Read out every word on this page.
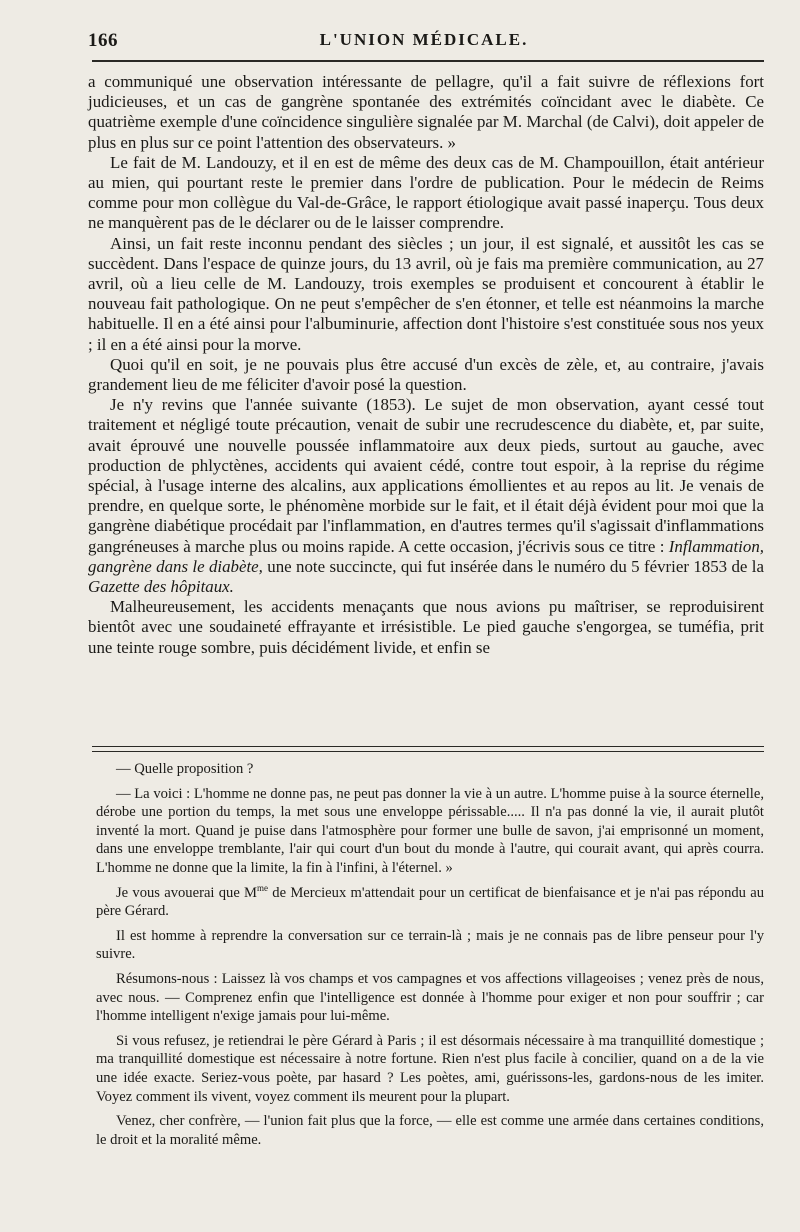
166	L'UNION MÉDICALE.

a communiqué une observation intéressante de pellagre, qu'il a fait suivre de réflexions fort judicieuses, et un cas de gangrène spontanée des extrémités coïncidant avec le diabète. Ce quatrième exemple d'une coïncidence singulière signalée par M. Marchal (de Calvi), doit appeler de plus en plus sur ce point l'attention des observateurs. »

Le fait de M. Landouzy, et il en est de même des deux cas de M. Champouillon, était antérieur au mien, qui pourtant reste le premier dans l'ordre de publication. Pour le médecin de Reims comme pour mon collègue du Val-de-Grâce, le rapport étiologique avait passé inaperçu. Tous deux ne manquèrent pas de le déclarer ou de le laisser comprendre.

Ainsi, un fait reste inconnu pendant des siècles ; un jour, il est signalé, et aussitôt les cas se succèdent. Dans l'espace de quinze jours, du 13 avril, où je fais ma première communication, au 27 avril, où a lieu celle de M. Landouzy, trois exemples se produisent et concourent à établir le nouveau fait pathologique. On ne peut s'empêcher de s'en étonner, et telle est néanmoins la marche habituelle. Il en a été ainsi pour l'albuminurie, affection dont l'histoire s'est constituée sous nos yeux ; il en a été ainsi pour la morve.

Quoi qu'il en soit, je ne pouvais plus être accusé d'un excès de zèle, et, au contraire, j'avais grandement lieu de me féliciter d'avoir posé la question.

Je n'y revins que l'année suivante (1853). Le sujet de mon observation, ayant cessé tout traitement et négligé toute précaution, venait de subir une recrudescence du diabète, et, par suite, avait éprouvé une nouvelle poussée inflammatoire aux deux pieds, surtout au gauche, avec production de phlyctènes, accidents qui avaient cédé, contre tout espoir, à la reprise du régime spécial, à l'usage interne des alcalins, aux applications émollientes et au repos au lit. Je venais de prendre, en quelque sorte, le phénomène morbide sur le fait, et il était déjà évident pour moi que la gangrène diabétique procédait par l'inflammation, en d'autres termes qu'il s'agissait d'inflammations gangréneuses à marche plus ou moins rapide. A cette occasion, j'écrivis sous ce titre : Inflammation, gangrène dans le diabète, une note succincte, qui fut insérée dans le numéro du 5 février 1853 de la Gazette des hôpitaux.

Malheureusement, les accidents menaçants que nous avions pu maîtriser, se reproduisirent bientôt avec une soudaineté effrayante et irrésistible. Le pied gauche s'engorgea, se tuméfia, prit une teinte rouge sombre, puis décidément livide, et enfin se

— Quelle proposition ?

— La voici : L'homme ne donne pas, ne peut pas donner la vie à un autre. L'homme puise à la source éternelle, dérobe une portion du temps, la met sous une enveloppe périssable..... Il n'a pas donné la vie, il aurait plutôt inventé la mort. Quand je puise dans l'atmosphère pour former une bulle de savon, j'ai emprisonné un moment, dans une enveloppe tremblante, l'air qui court d'un bout du monde à l'autre, qui courait avant, qui après courra. L'homme ne donne que la limite, la fin à l'infini, à l'éternel. »

Je vous avouerai que $M^{me}$ de Mercieux m'attendait pour un certificat de bienfaisance et je n'ai pas répondu au père Gérard.

Il est homme à reprendre la conversation sur ce terrain-là ; mais je ne connais pas de libre penseur pour l'y suivre.

Résumons-nous : Laissez là vos champs et vos campagnes et vos affections villageoises ; venez près de nous, avec nous. — Comprenez enfin que l'intelligence est donnée à l'homme pour exiger et non pour souffrir ; car l'homme intelligent n'exige jamais pour lui-même.

Si vous refusez, je retiendrai le père Gérard à Paris ; il est désormais nécessaire à ma tranquillité domestique ; ma tranquillité domestique est nécessaire à notre fortune. Rien n'est plus facile à concilier, quand on a de la vie une idée exacte. Seriez-vous poète, par hasard ? Les poètes, ami, guérissons-les, gardons-nous de les imiter. Voyez comment ils vivent, voyez comment ils meurent pour la plupart.

Venez, cher confrère, — l'union fait plus que la force, — elle est comme une armée dans certaines conditions, le droit et la moralité même.
